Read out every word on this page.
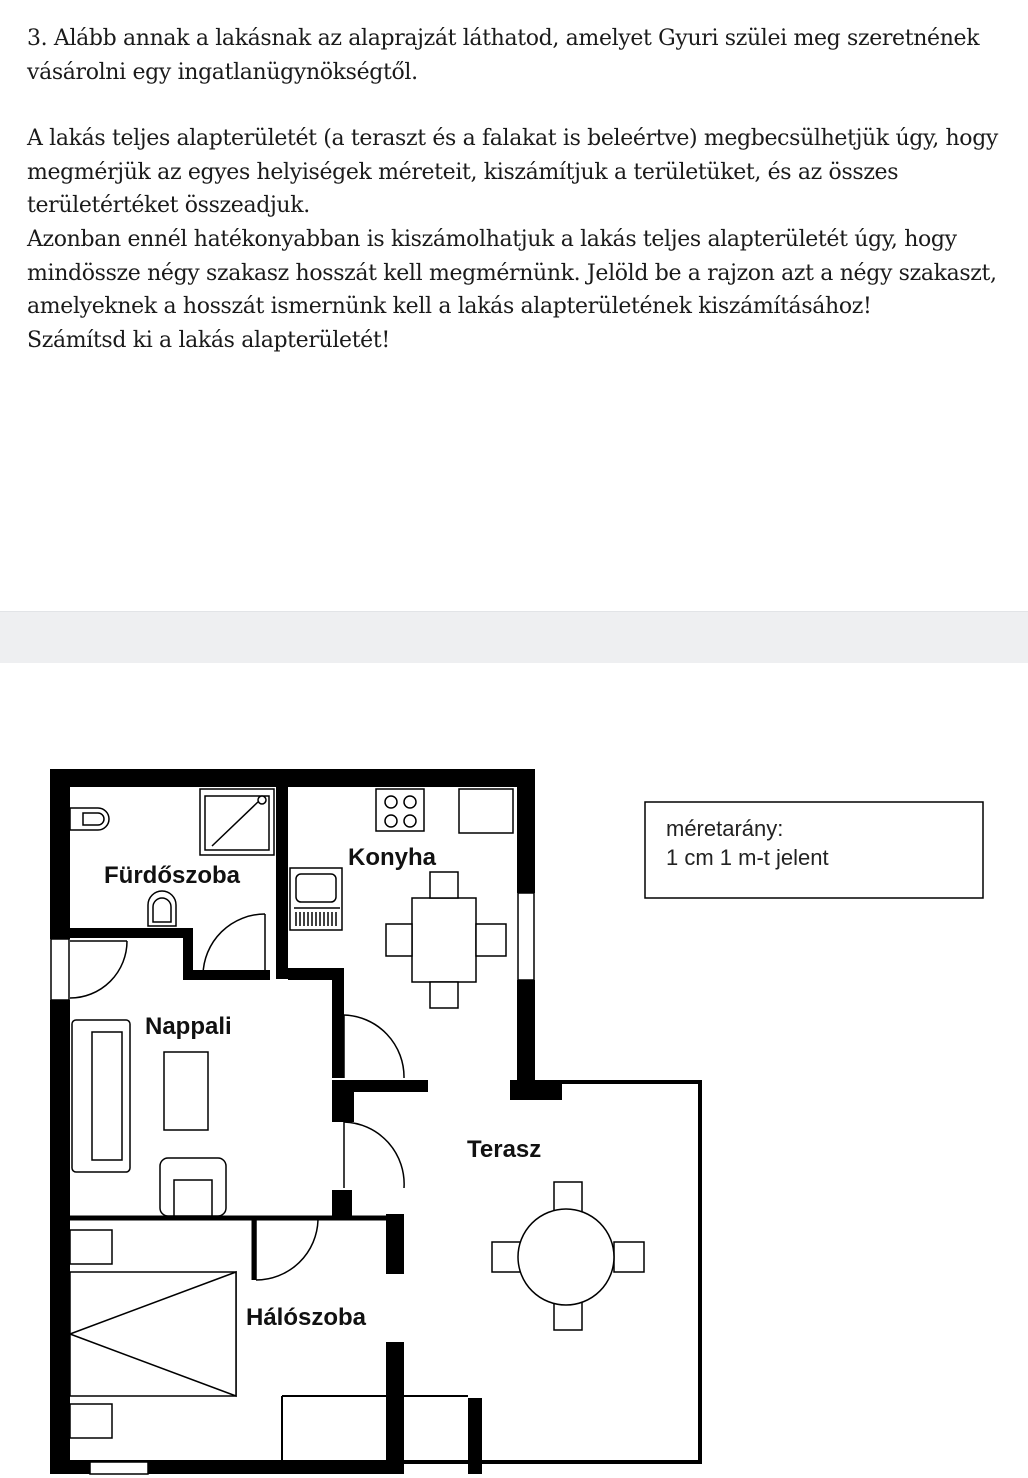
3. Alább annak a lakásnak az alaprajzát láthatod, amelyet Gyuri szülei meg szeretnének

vásárolni egy ingatlanügynökségtől.

A lakás teljes alapterületét (a teraszt és a falakat is beleértve) megbecsülhetjük úgy, hogy

megmérjük az egyes helyiségek méreteit, kiszámítjuk a területüket, és az összes

területértéket összeadjuk.

Azonban ennél hatékonyabban is kiszámolhatjuk a lakás teljes alapterületét úgy, hogy

mindössze négy szakasz hosszát kell megmérnünk. Jelöld be a rajzon azt a négy szakaszt,

amelyeknek a hosszát ismernünk kell a lakás alapterületének kiszámításához!

Számítsd ki a lakás alapterületét!

Fürdőszoba
Konyha
Nappali
Terasz
Hálószoba
méretarány:
1 cm 1 m-t jelent
